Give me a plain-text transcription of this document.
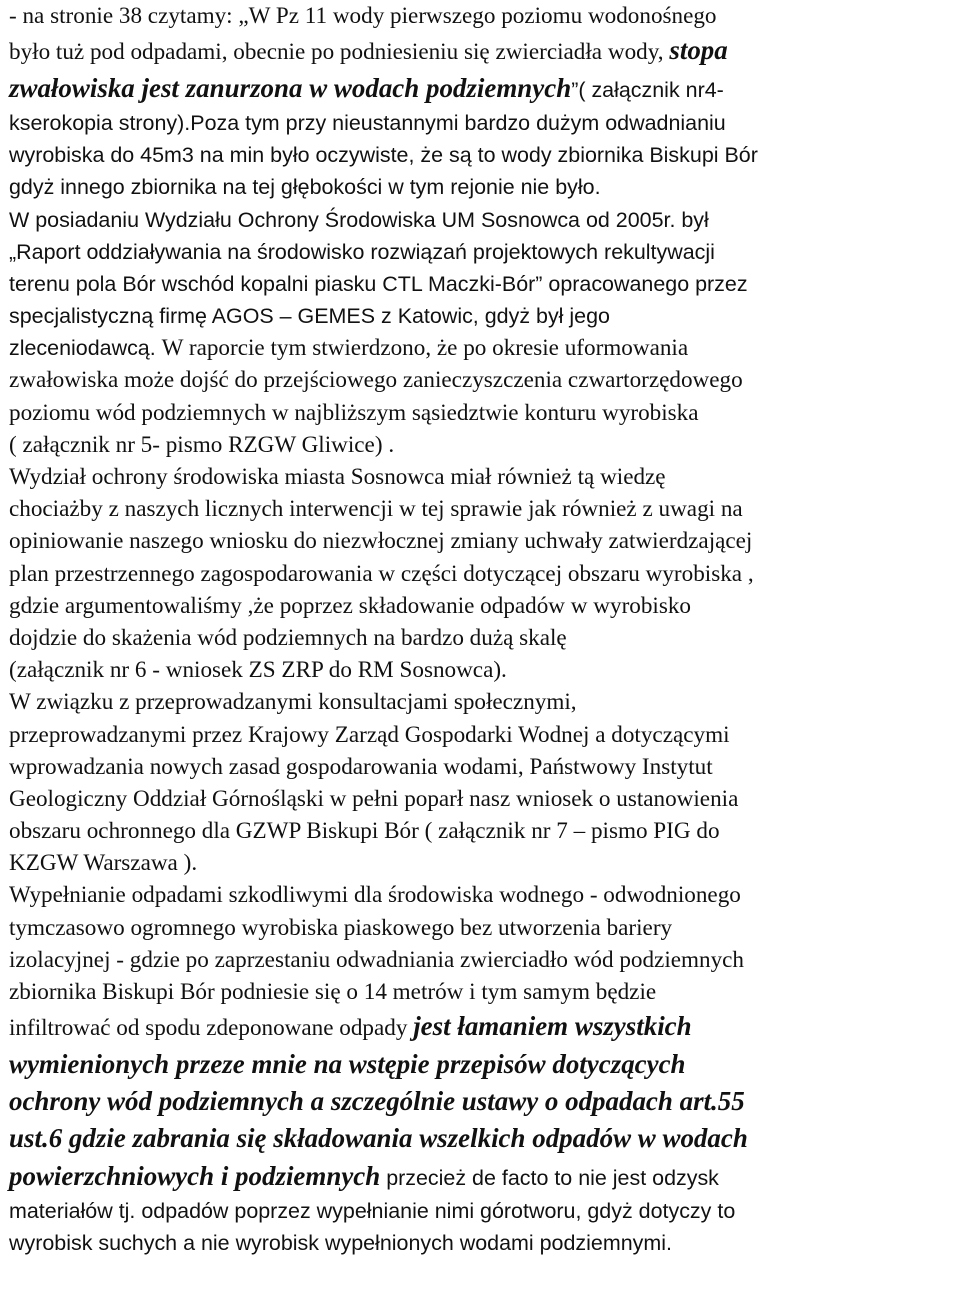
- na stronie 38 czytamy: „W Pz 11 wody pierwszego poziomu wodonośnego
było tuż pod odpadami, obecnie po podniesieniu się zwierciadła wody, stopa
zwałowiska jest zanurzona w wodach podziemnych”( załącznik nr4-
kserokopia strony).Poza tym przy nieustannymi bardzo dużym odwadnianiu
wyrobiska do 45m3 na min było oczywiste, że są to wody zbiornika Biskupi Bór
gdyż innego zbiornika na tej głębokości w tym rejonie nie było.
W posiadaniu Wydziału Ochrony Środowiska UM Sosnowca od 2005r. był
„Raport oddziaływania na środowisko rozwiązań projektowych rekultywacji
terenu pola Bór wschód kopalni piasku CTL Maczki-Bór” opracowanego przez
specjalistyczną firmę AGOS – GEMES z Katowic, gdyż był jego
zleceniodawcą. W raporcie tym stwierdzono, że po okresie uformowania
zwałowiska może dojść do przejściowego zanieczyszczenia czwartorzędowego
poziomu wód podziemnych w najbliższym sąsiedztwie konturu wyrobiska
( załącznik nr 5- pismo RZGW Gliwice) .
Wydział ochrony środowiska miasta Sosnowca miał również tą wiedzę
chociażby z naszych licznych interwencji w tej sprawie jak również z uwagi na
opiniowanie naszego wniosku do niezwłocznej zmiany uchwały zatwierdzającej
plan przestrzennego zagospodarowania w części dotyczącej obszaru wyrobiska ,
gdzie argumentowaliśmy ,że poprzez składowanie odpadów w wyrobisko
dojdzie do skażenia wód podziemnych na bardzo dużą skalę
(załącznik nr 6 - wniosek ZS ZRP do RM Sosnowca).
W związku z przeprowadzanymi konsultacjami społecznymi,
przeprowadzanymi przez Krajowy Zarząd Gospodarki Wodnej a dotyczącymi
wprowadzania nowych zasad gospodarowania wodami, Państwowy Instytut
Geologiczny Oddział Górnośląski w pełni poparł nasz wniosek o ustanowienia
obszaru ochronnego dla GZWP Biskupi Bór ( załącznik nr 7 – pismo PIG do
KZGW Warszawa ).
Wypełnianie odpadami szkodliwymi dla środowiska wodnego - odwodnionego
tymczasowo ogromnego wyrobiska piaskowego bez utworzenia bariery
izolacyjnej - gdzie po zaprzestaniu odwadniania zwierciadło wód podziemnych
zbiornika Biskupi Bór podniesie się o 14 metrów i tym samym będzie
infiltrować od spodu zdeponowane odpady jest łamaniem wszystkich
wymienionych przeze mnie na wstępie przepisów dotyczących
ochrony wód podziemnych a szczególnie ustawy o odpadach art.55
ust.6 gdzie zabrania się składowania wszelkich odpadów w wodach
powierzchniowych i podziemnych przecież de facto to nie jest odzysk
materiałów tj. odpadów poprzez wypełnianie nimi górotworu, gdyż dotyczy to
wyrobisk suchych a nie wyrobisk wypełnionych wodami podziemnymi.
